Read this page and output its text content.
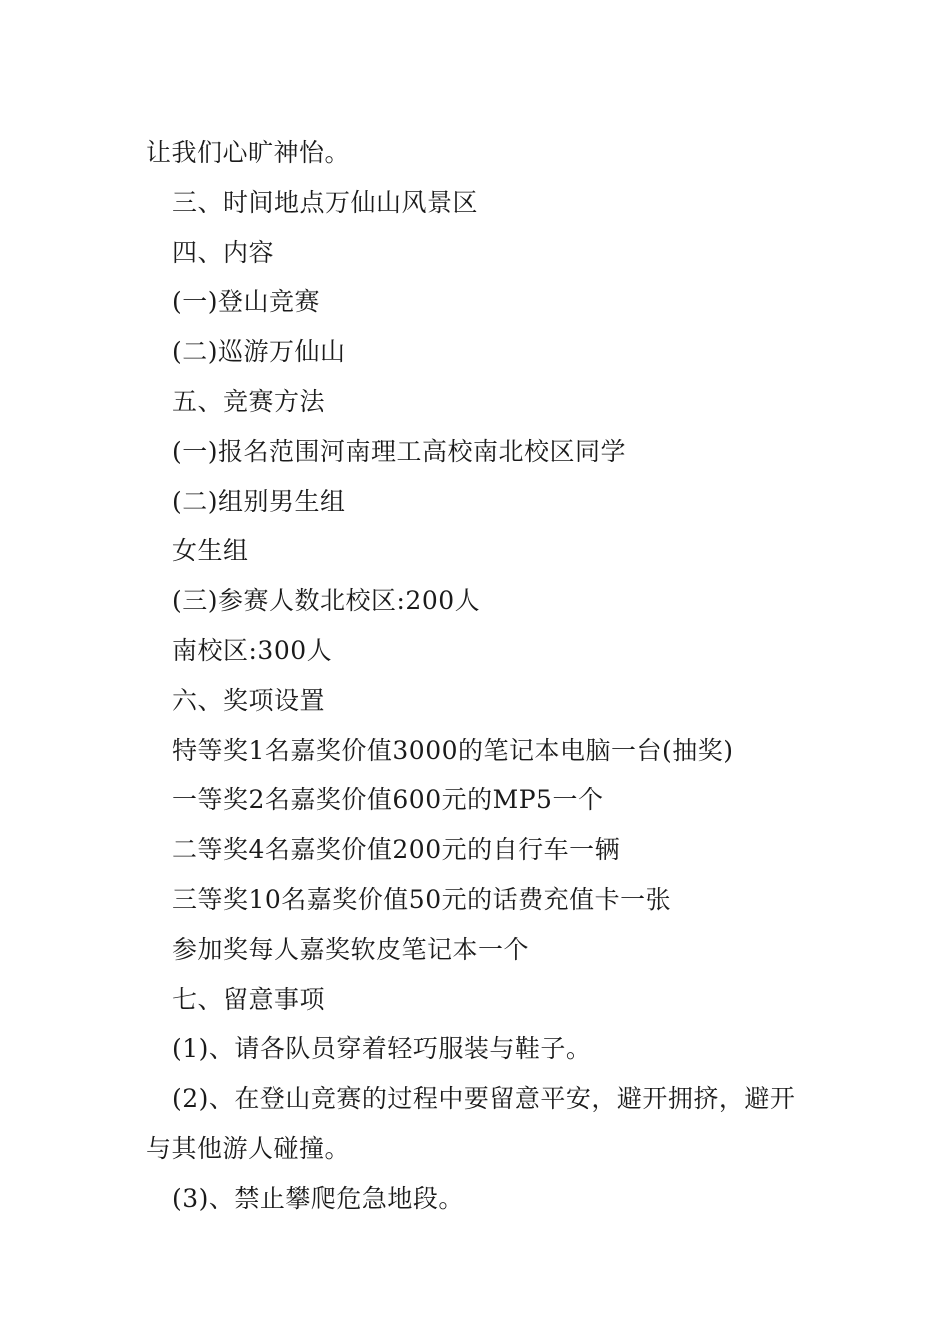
让我们心旷神怡。
三、时间地点万仙山风景区
四、内容
(一)登山竞赛
(二)巡游万仙山
五、竞赛方法
(一)报名范围河南理工高校南北校区同学
(二)组别男生组
女生组
(三)参赛人数北校区:200人
南校区:300人
六、奖项设置
特等奖1名嘉奖价值3000的笔记本电脑一台(抽奖)
一等奖2名嘉奖价值600元的MP5一个
二等奖4名嘉奖价值200元的自行车一辆
三等奖10名嘉奖价值50元的话费充值卡一张
参加奖每人嘉奖软皮笔记本一个
七、留意事项
(1)、请各队员穿着轻巧服装与鞋子。
(2)、在登山竞赛的过程中要留意平安，避开拥挤，避开
与其他游人碰撞。
(3)、禁止攀爬危急地段。
